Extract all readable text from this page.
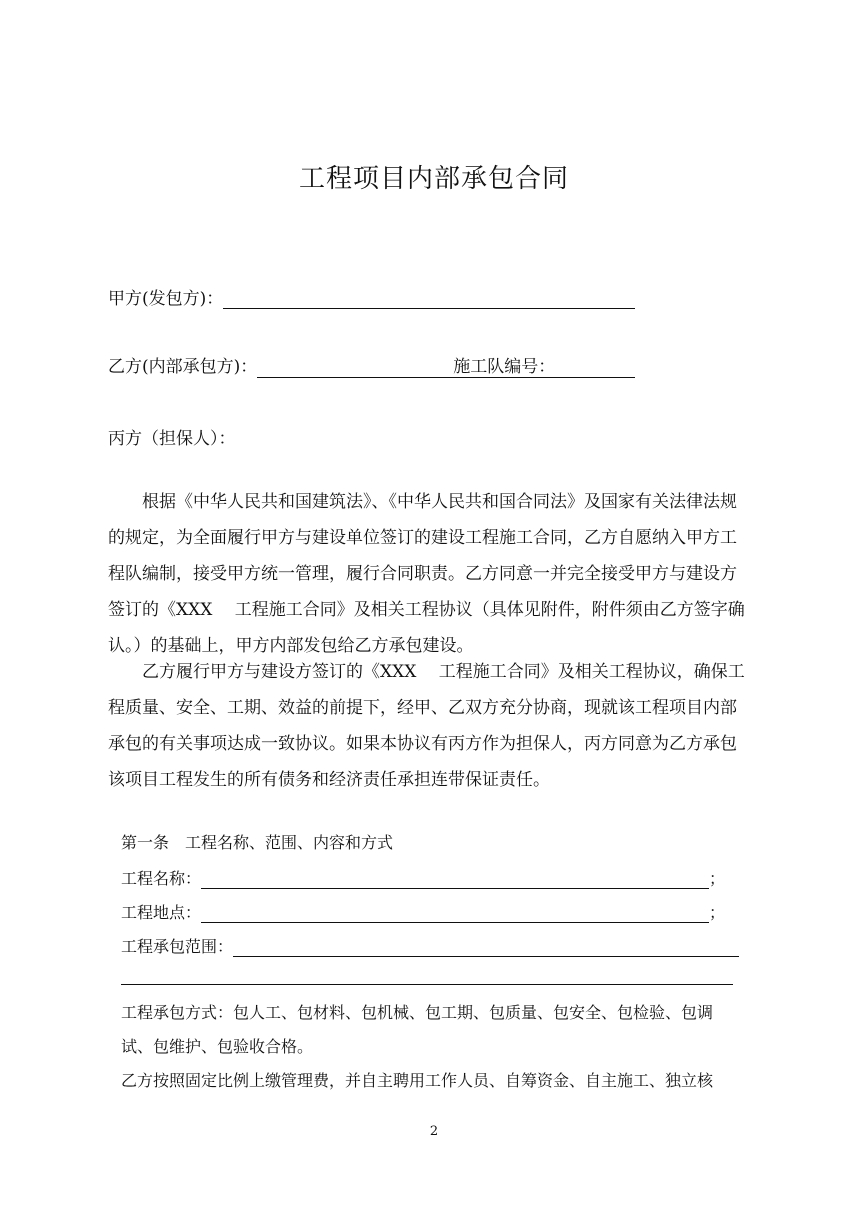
工程项目内部承包合同
甲方(发包方)：
乙方(内部承包方)：	施工队编号：
丙方（担保人）：
　　根据《中华人民共和国建筑法》、《中华人民共和国合同法》及国家有关法律法规
的规定，为全面履行甲方与建设单位签订的建设工程施工合同，乙方自愿纳入甲方工
程队编制，接受甲方统一管理，履行合同职责。乙方同意一并完全接受甲方与建设方
签订的《XXX　 工程施工合同》及相关工程协议（具体见附件，附件须由乙方签字确
认。）的基础上，甲方内部发包给乙方承包建设。
　　乙方履行甲方与建设方签订的《XXX　 工程施工合同》及相关工程协议，确保工
程质量、安全、工期、效益的前提下，经甲、乙双方充分协商，现就该工程项目内部
承包的有关事项达成一致协议。如果本协议有丙方作为担保人，丙方同意为乙方承包
该项目工程发生的所有债务和经济责任承担连带保证责任。
第一条　工程名称、范围、内容和方式
工程名称：	；
工程地点：	；
工程承包范围：
工程承包方式：包人工、包材料、包机械、包工期、包质量、包安全、包检验、包调
试、包维护、包验收合格。
乙方按照固定比例上缴管理费，并自主聘用工作人员、自筹资金、自主施工、独立核
2
